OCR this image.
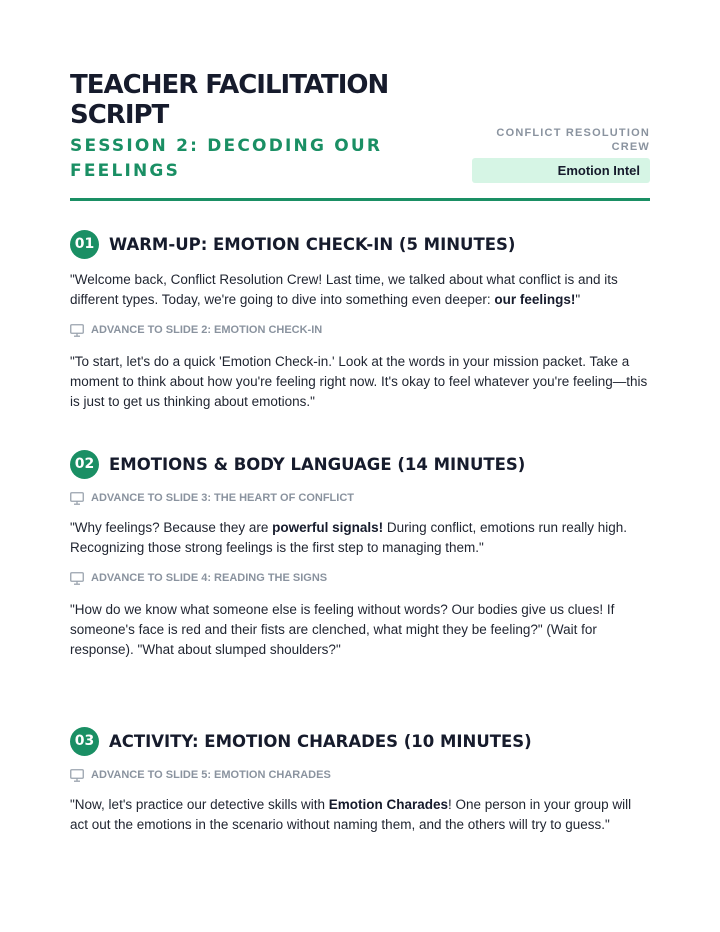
TEACHER FACILITATION SCRIPT
SESSION 2: DECODING OUR FEELINGS
CONFLICT RESOLUTION CREW
Emotion Intel
01 WARM-UP: EMOTION CHECK-IN (5 MINUTES)

"Welcome back, Conflict Resolution Crew! Last time, we talked about what conflict is and its different types. Today, we're going to dive into something even deeper: our feelings!"

ADVANCE TO SLIDE 2: EMOTION CHECK-IN

"To start, let's do a quick 'Emotion Check-in.' Look at the words in your mission packet. Take a moment to think about how you're feeling right now. It's okay to feel whatever you're feeling—this is just to get us thinking about emotions."

02 EMOTIONS & BODY LANGUAGE (14 MINUTES)
ADVANCE TO SLIDE 3: THE HEART OF CONFLICT

"Why feelings? Because they are powerful signals! During conflict, emotions run really high. Recognizing those strong feelings is the first step to managing them."

ADVANCE TO SLIDE 4: READING THE SIGNS

"How do we know what someone else is feeling without words? Our bodies give us clues! If someone's face is red and their fists are clenched, what might they be feeling?" (Wait for response). "What about slumped shoulders?"

03 ACTIVITY: EMOTION CHARADES (10 MINUTES)
ADVANCE TO SLIDE 5: EMOTION CHARADES

"Now, let's practice our detective skills with Emotion Charades! One person in your group will act out the emotions in the scenario without naming them, and the others will try to guess."
